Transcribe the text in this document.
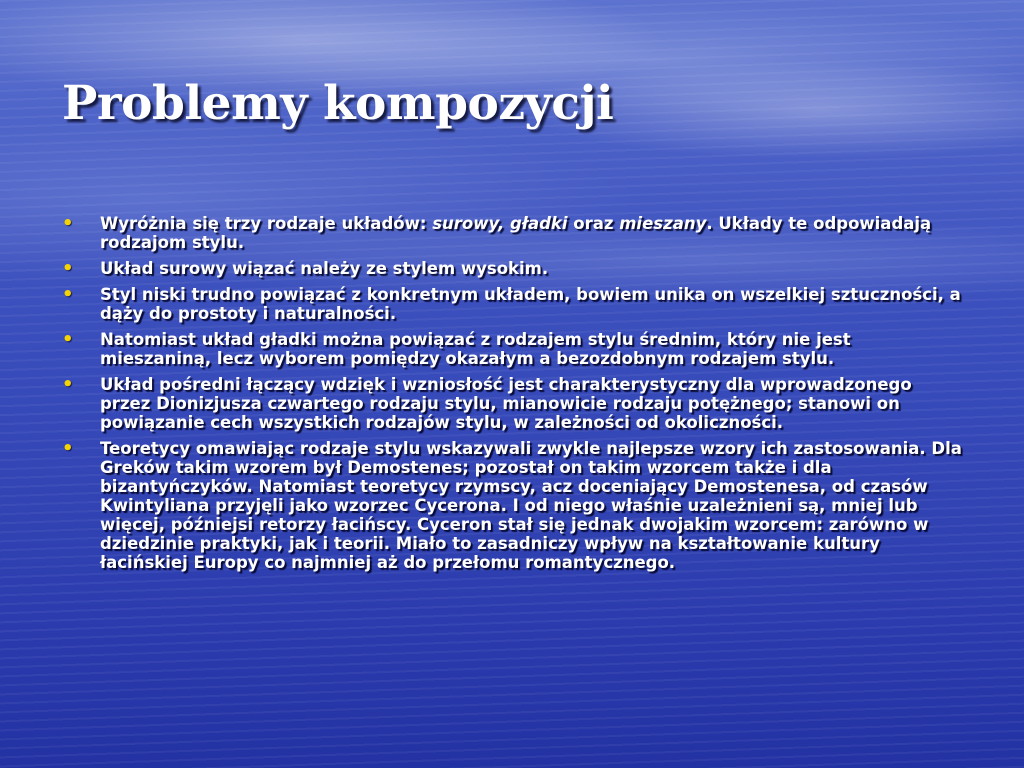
Problemy kompozycji
• Wyróżnia się trzy rodzaje układów: surowy, gładki oraz mieszany. Układy te odpowiadają rodzajom stylu.
• Układ surowy wiązać należy ze stylem wysokim.
• Styl niski trudno powiązać z konkretnym układem, bowiem unika on wszelkiej sztuczności, a dąży do prostoty i naturalności.
• Natomiast układ gładki można powiązać z rodzajem stylu średnim, który nie jest mieszaniną, lecz wyborem pomiędzy okazałym a bezozdobnym rodzajem stylu.
• Układ pośredni łączący wdzięk i wzniosłość jest charakterystyczny dla wprowadzonego przez Dionizjusza czwartego rodzaju stylu, mianowicie rodzaju potężnego; stanowi on powiązanie cech wszystkich rodzajów stylu, w zależności od okoliczności.
• Teoretycy omawiając rodzaje stylu wskazywali zwykle najlepsze wzory ich zastosowania. Dla Greków takim wzorem był Demostenes; pozostał on takim wzorcem także i dla bizantyńczyków. Natomiast teoretycy rzymscy, acz doceniający Demostenesa, od czasów Kwintyliana przyjęli jako wzorzec Cycerona. I od niego właśnie uzależnieni są, mniej lub więcej, późniejsi retorzy łacińscy. Cyceron stał się jednak dwojakim wzorcem: zarówno w dziedzinie praktyki, jak i teorii. Miało to zasadniczy wpływ na kształtowanie kultury łacińskiej Europy co najmniej aż do przełomu romantycznego.
